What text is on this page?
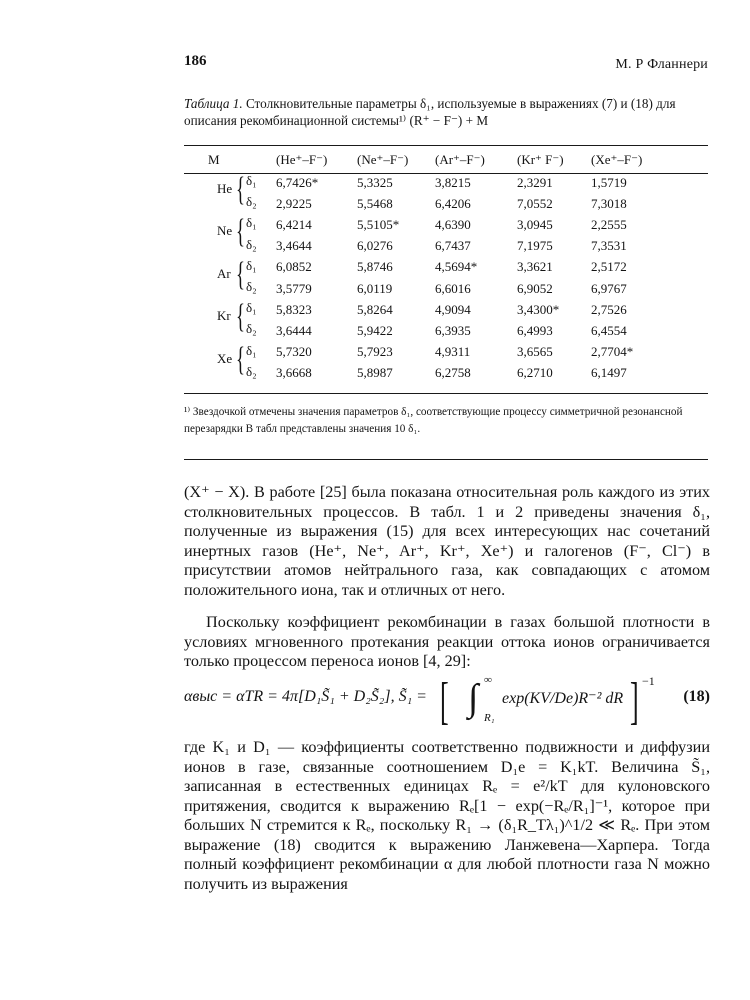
186	М. Р Фланнери
Таблица 1. Столкновительные параметры δ₁, используемые в выражениях (7) и (18) для описания рекомбинационной системы¹⁾ (R⁺ − F⁻) + M
M	(He⁺–F⁻)	(Ne⁺–F⁻)	(Ar⁺–F⁻)	(Kr⁺ F⁻)	(Xe⁺–F⁻)

He { δ₁	6,7426*	5,3325	3,8215	2,3291	1,5719

δ₂	2,9225	5,5468	6,4206	7,0552	7,3018

Ne { δ₁	6,4214	5,5105*	4,6390	3,0945	2,2555

δ₂	3,4644	6,0276	6,7437	7,1975	7,3531

Ar { δ₁	6,0852	5,8746	4,5694*	3,3621	2,5172

δ₂	3,5779	6,0119	6,6016	6,9052	6,9767

Kr { δ₁	5,8323	5,8264	4,9094	3,4300*	2,7526

δ₂	3,6444	5,9422	6,3935	6,4993	6,4554

Xe { δ₁	5,7320	5,7923	4,9311	3,6565	2,7704*

δ₂	3,6668	5,8987	6,2758	6,2710	6,1497
¹⁾ Звездочкой отмечены значения параметров δ₁, соответствующие процессу симметричной резонансной перезарядки В табл представлены значения 10 δ₁.

(X⁺ − X). В работе [25] была показана относительная роль каждого из этих столкновительных процессов. В табл. 1 и 2 приведены значения δ₁, полученные из выражения (15) для всех интересующих нас сочетаний инертных газов (He⁺, Ne⁺, Ar⁺, Kr⁺, Xe⁺) и галогенов (F⁻, Cl⁻) в присутствии атомов нейтрального газа, как совпадающих с атомом положительного иона, так и отличных от него.

Поскольку коэффициент рекомбинации в газах большой плотности в условиях мгновенного протекания реакции оттока ионов ограничивается только процессом переноса ионов [4, 29]:

αвыс = αTR = 4π[D₁S̃₁ + D₂S̃₂], S̃₁ = [ ∫ ∞
R₁
exp(KV/De)R⁻² dR ] −1
(18)

где K₁ и D₁ — коэффициенты соответственно подвижности и диффузии ионов в газе, связанные соотношением D₁e = K₁kT. Величина S̃₁, записанная в естественных единицах Rₑ = e²/kT для кулоновского притяжения, сводится к выражению Rₑ[1 − exp(−Rₑ/R₁]⁻¹, которое при больших N стремится к Rₑ, поскольку R₁ → (δ₁R_Tλ₁)^1/2 ≪ Rₑ. При этом выражение (18) сводится к выражению Ланжевена—Харпера. Тогда полный коэффициент рекомбинации α для любой плотности газа N можно получить из выражения
